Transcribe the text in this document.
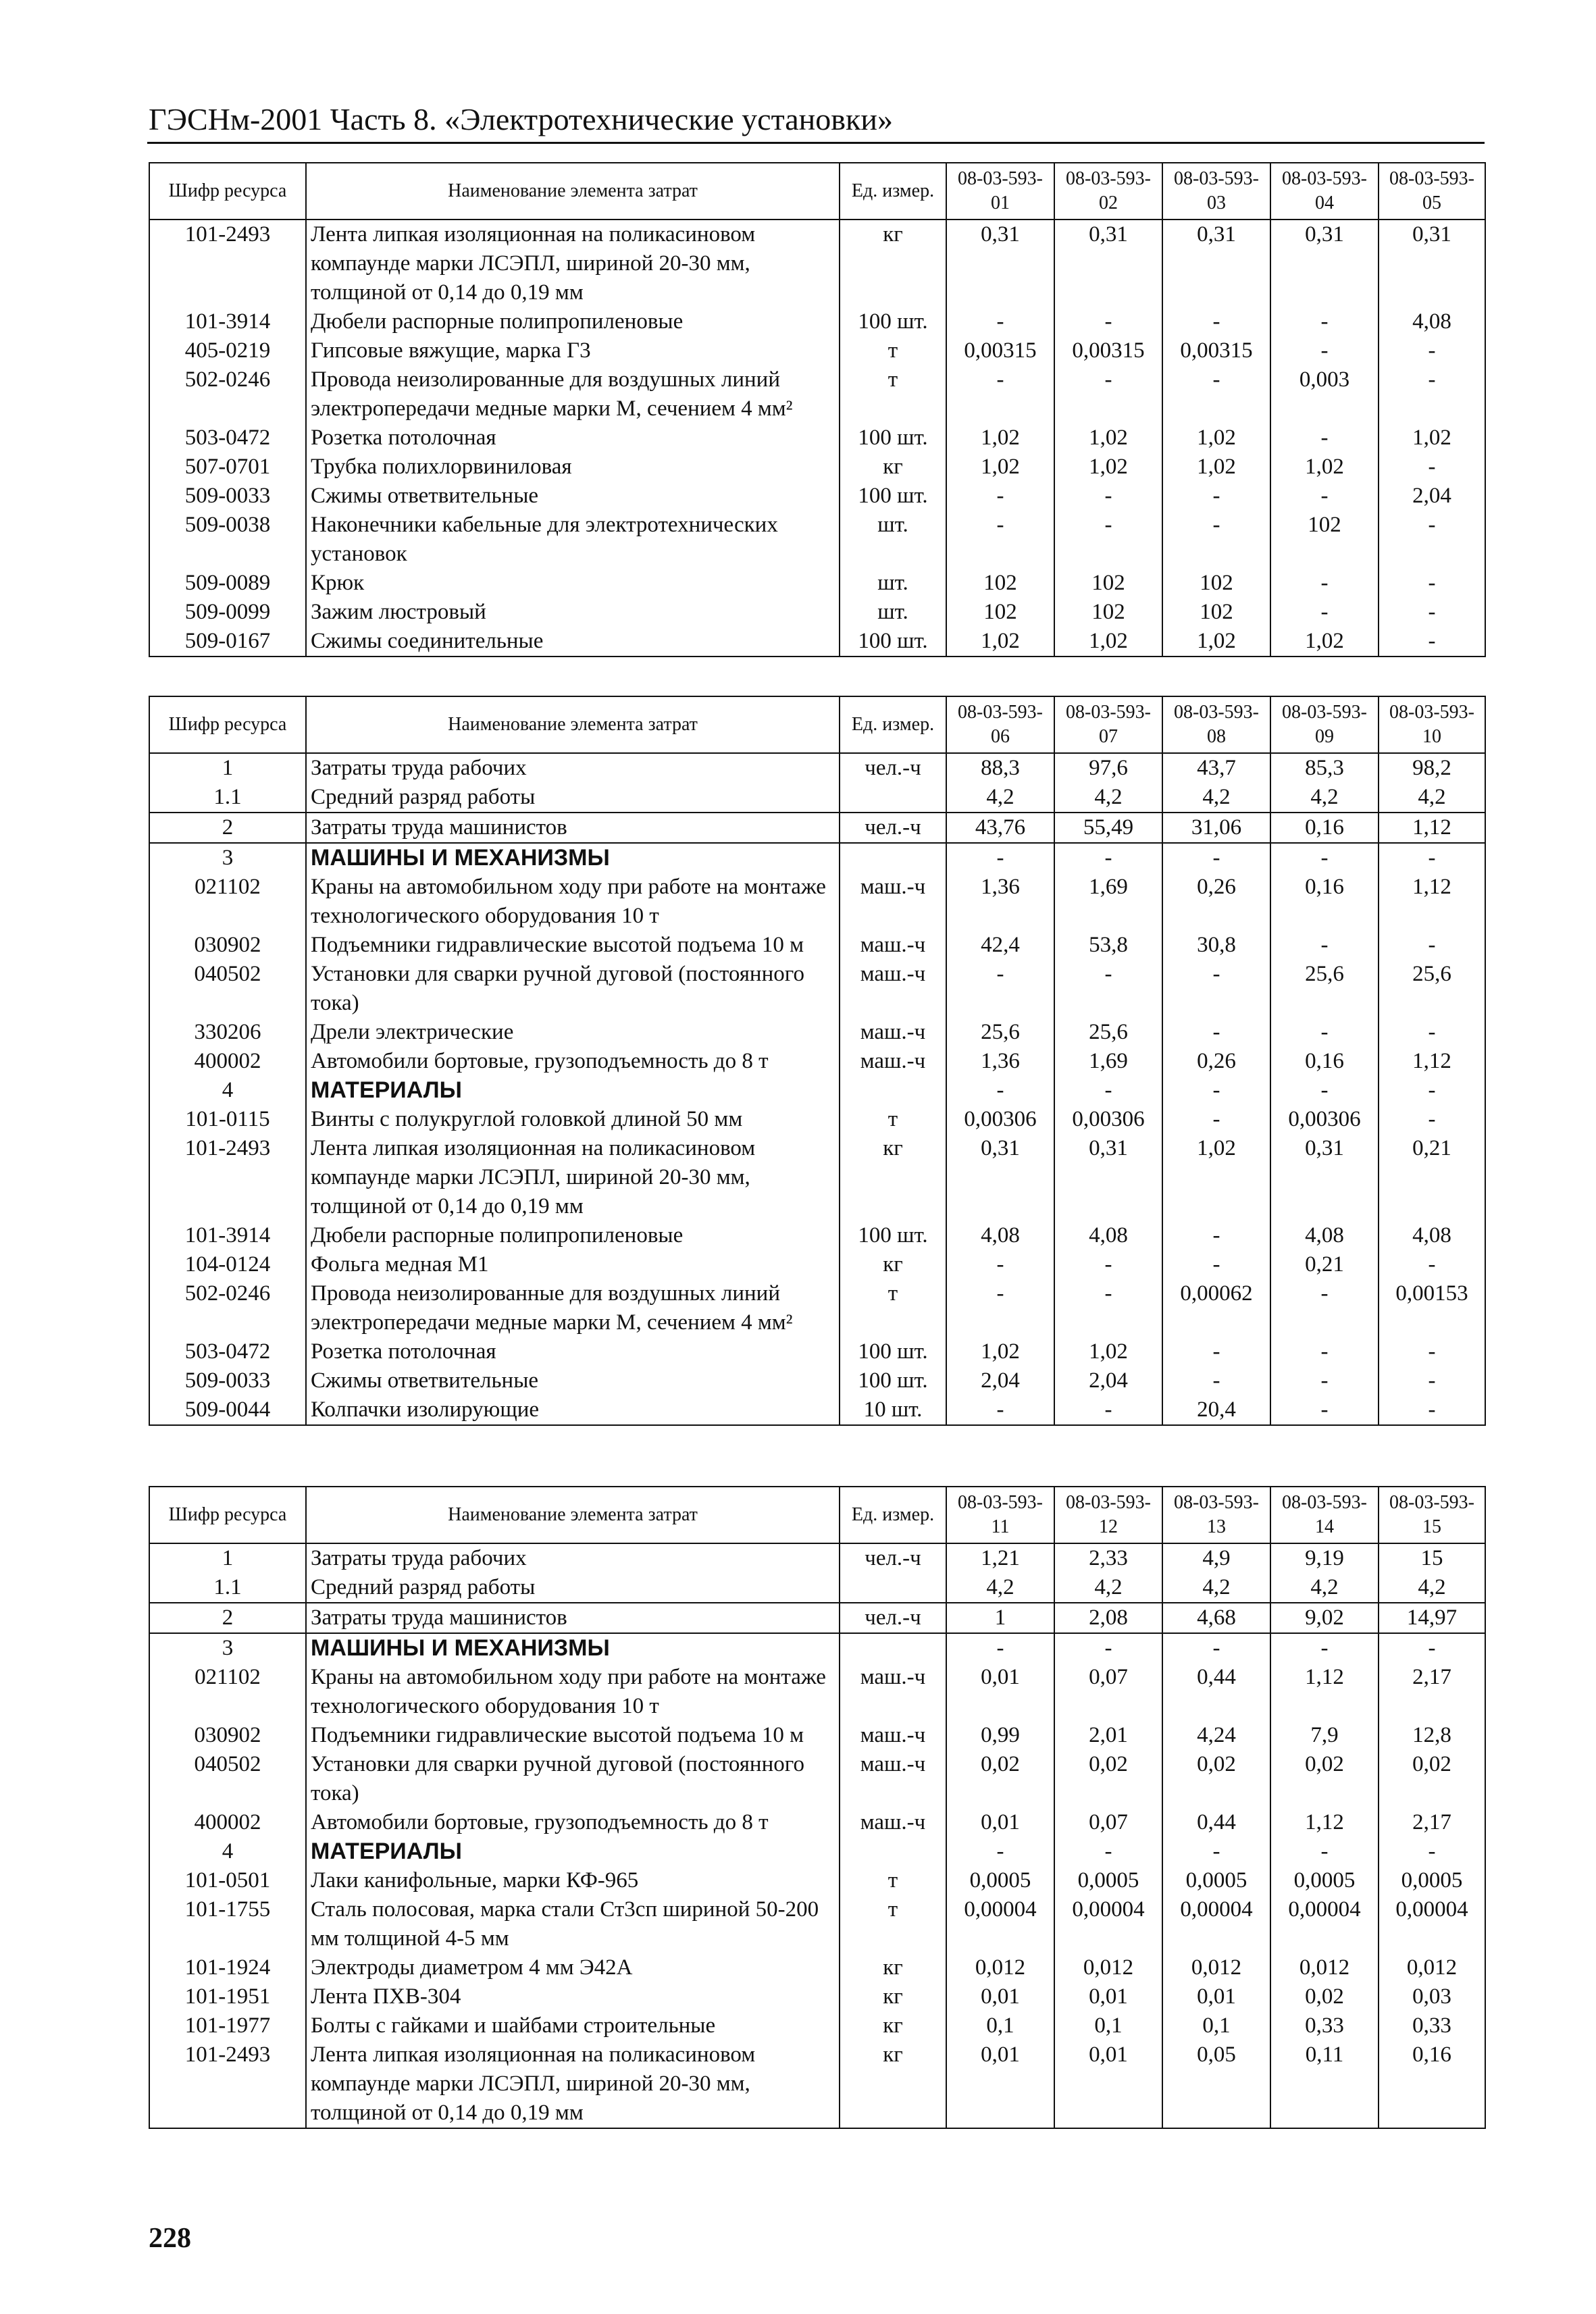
ГЭСНм-2001 Часть 8. «Электротехнические установки»
Шифр ресурса	Наименование элемента затрат	Ед. измер.	08-03-593-01	08-03-593-02	08-03-593-03	08-03-593-04	08-03-593-05
101-2493	Лента липкая изоляционная на поликасиновом компаунде марки ЛСЭПЛ, шириной 20-30 мм, толщиной от 0,14 до 0,19 мм	кг	0,31	0,31	0,31	0,31	0,31
101-3914	Дюбели распорные полипропиленовые	100 шт.	-	-	-	-	4,08
405-0219	Гипсовые вяжущие, марка Г3	т	0,00315	0,00315	0,00315	-	-
502-0246	Провода неизолированные для воздушных линий электропередачи медные марки М, сечением 4 мм²	т	-	-	-	0,003	-
503-0472	Розетка потолочная	100 шт.	1,02	1,02	1,02	-	1,02
507-0701	Трубка полихлорвиниловая	кг	1,02	1,02	1,02	1,02	-
509-0033	Сжимы ответвительные	100 шт.	-	-	-	-	2,04
509-0038	Наконечники кабельные для электротехнических установок	шт.	-	-	-	102	-
509-0089	Крюк	шт.	102	102	102	-	-
509-0099	Зажим люстровый	шт.	102	102	102	-	-
509-0167	Сжимы соединительные	100 шт.	1,02	1,02	1,02	1,02	-
Шифр ресурса	Наименование элемента затрат	Ед. измер.	08-03-593-06	08-03-593-07	08-03-593-08	08-03-593-09	08-03-593-10
1	Затраты труда рабочих	чел.-ч	88,3	97,6	43,7	85,3	98,2
1.1	Средний разряд работы		4,2	4,2	4,2	4,2	4,2
2	Затраты труда машинистов	чел.-ч	43,76	55,49	31,06	0,16	1,12
3	МАШИНЫ И МЕХАНИЗМЫ		-	-	-	-	-
021102	Краны на автомобильном ходу при работе на монтаже технологического оборудования 10 т	маш.-ч	1,36	1,69	0,26	0,16	1,12
030902	Подъемники гидравлические высотой подъема 10 м	маш.-ч	42,4	53,8	30,8	-	-
040502	Установки для сварки ручной дуговой (постоянного тока)	маш.-ч	-	-	-	25,6	25,6
330206	Дрели электрические	маш.-ч	25,6	25,6	-	-	-
400002	Автомобили бортовые, грузоподъемность до 8 т	маш.-ч	1,36	1,69	0,26	0,16	1,12
4	МАТЕРИАЛЫ		-	-	-	-	-
101-0115	Винты с полукруглой головкой длиной 50 мм	т	0,00306	0,00306	-	0,00306	-
101-2493	Лента липкая изоляционная на поликасиновом компаунде марки ЛСЭПЛ, шириной 20-30 мм, толщиной от 0,14 до 0,19 мм	кг	0,31	0,31	1,02	0,31	0,21
101-3914	Дюбели распорные полипропиленовые	100 шт.	4,08	4,08	-	4,08	4,08
104-0124	Фольга медная М1	кг	-	-	-	0,21	-
502-0246	Провода неизолированные для воздушных линий электропередачи медные марки М, сечением 4 мм²	т	-	-	0,00062	-	0,00153
503-0472	Розетка потолочная	100 шт.	1,02	1,02	-	-	-
509-0033	Сжимы ответвительные	100 шт.	2,04	2,04	-	-	-
509-0044	Колпачки изолирующие	10 шт.	-	-	20,4	-	-
Шифр ресурса	Наименование элемента затрат	Ед. измер.	08-03-593-11	08-03-593-12	08-03-593-13	08-03-593-14	08-03-593-15
1	Затраты труда рабочих	чел.-ч	1,21	2,33	4,9	9,19	15
1.1	Средний разряд работы		4,2	4,2	4,2	4,2	4,2
2	Затраты труда машинистов	чел.-ч	1	2,08	4,68	9,02	14,97
3	МАШИНЫ И МЕХАНИЗМЫ		-	-	-	-	-
021102	Краны на автомобильном ходу при работе на монтаже технологического оборудования 10 т	маш.-ч	0,01	0,07	0,44	1,12	2,17
030902	Подъемники гидравлические высотой подъема 10 м	маш.-ч	0,99	2,01	4,24	7,9	12,8
040502	Установки для сварки ручной дуговой (постоянного тока)	маш.-ч	0,02	0,02	0,02	0,02	0,02
400002	Автомобили бортовые, грузоподъемность до 8 т	маш.-ч	0,01	0,07	0,44	1,12	2,17
4	МАТЕРИАЛЫ		-	-	-	-	-
101-0501	Лаки канифольные, марки КФ-965	т	0,0005	0,0005	0,0005	0,0005	0,0005
101-1755	Сталь полосовая, марка стали Ст3сп шириной 50-200 мм толщиной 4-5 мм	т	0,00004	0,00004	0,00004	0,00004	0,00004
101-1924	Электроды диаметром 4 мм Э42А	кг	0,012	0,012	0,012	0,012	0,012
101-1951	Лента ПХВ-304	кг	0,01	0,01	0,01	0,02	0,03
101-1977	Болты с гайками и шайбами строительные	кг	0,1	0,1	0,1	0,33	0,33
101-2493	Лента липкая изоляционная на поликасиновом компаунде марки ЛСЭПЛ, шириной 20-30 мм, толщиной от 0,14 до 0,19 мм	кг	0,01	0,01	0,05	0,11	0,16
228
